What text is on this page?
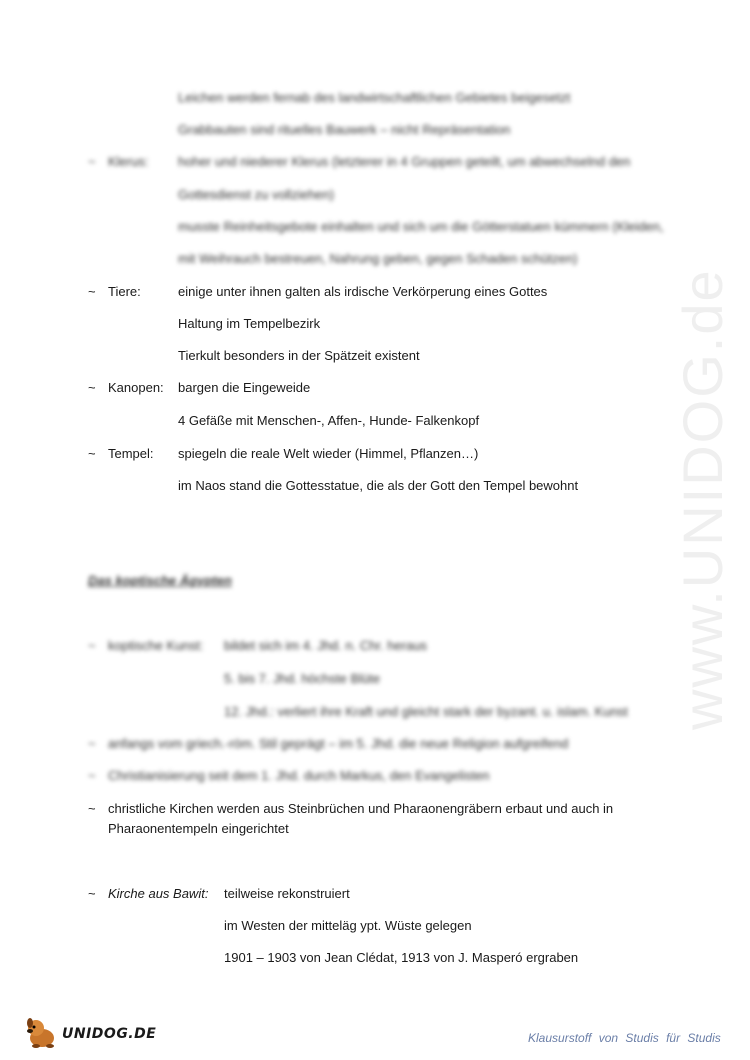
www.UNIDOG.de
Leichen werden fernab des landwirtschaftlichen Gebietes beigesetzt
Grabbauten sind rituelles Bauwerk – nicht Repräsentation
~ Klerus: hoher und niederer Klerus (letzterer in 4 Gruppen geteilt, um abwechselnd den
Gottesdienst zu vollziehen)
musste Reinheitsgebote einhalten und sich um die Götterstatuen kümmern (Kleiden,
mit Weihrauch bestreuen, Nahrung geben, gegen Schaden schützen)
~ Tiere:	einige unter ihnen galten als irdische Verkörperung eines Gottes
Haltung im Tempelbezirk
Tierkult besonders in der Spätzeit existent
~ Kanopen: bargen die Eingeweide
4 Gefäße mit Menschen-, Affen-, Hunde- Falkenkopf
~ Tempel: spiegeln die reale Welt wieder (Himmel, Pflanzen…)
im Naos stand die Gottesstatue, die als der Gott den Tempel bewohnt
Das koptische Ägypten
~ koptische Kunst: bildet sich im 4. Jhd. n. Chr. heraus
5. bis 7. Jhd. höchste Blüte
12. Jhd.: verliert ihre Kraft und gleicht stark der byzant. u. islam. Kunst
~ anfangs vom griech.-röm. Stil geprägt – im 5. Jhd. die neue Religion aufgreifend
~ Christianisierung seit dem 1. Jhd. durch Markus, den Evangelisten
~ christliche Kirchen werden aus Steinbrüchen und Pharaonengräbern erbaut und auch in
Pharaonentempeln eingerichtet
~ Kirche aus Bawit: teilweise rekonstruiert
im Westen der mitteläg ypt. Wüste gelegen
1901 – 1903 von Jean Clédat, 1913 von J. Masperó ergraben
UNIDOG.DE	Klausurstoff von Studis für Studis
